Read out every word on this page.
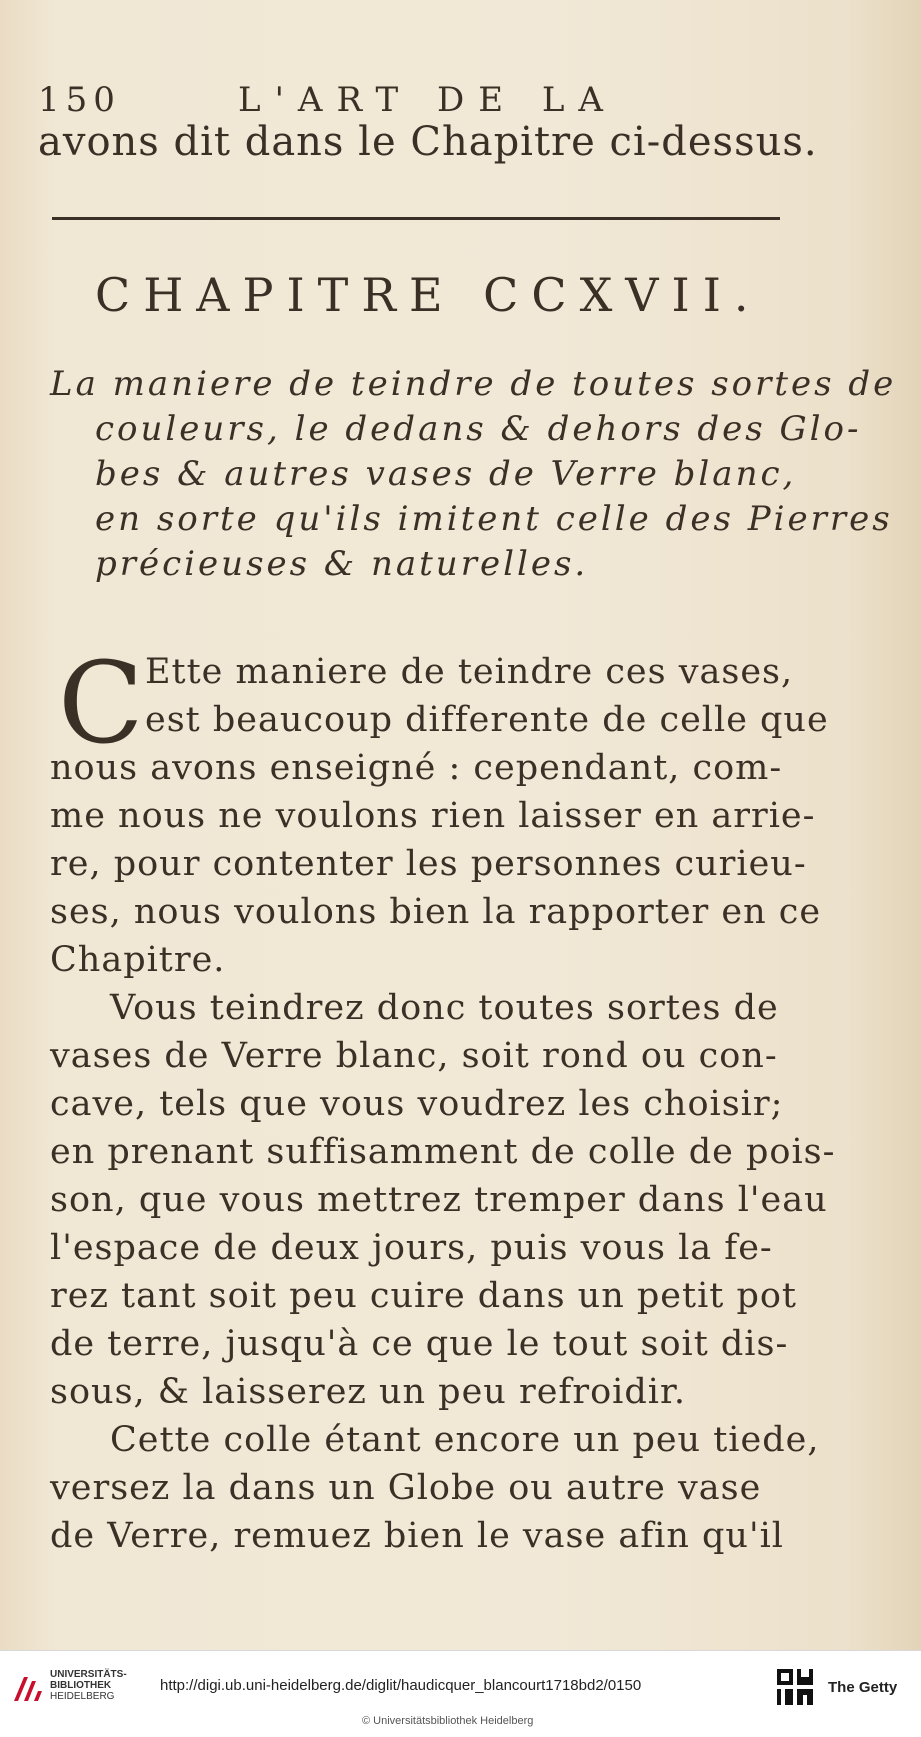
150	L'ART DE LA
avons dit dans le Chapitre ci-dessus.
CHAPITRE CCXVII.
La maniere de teindre de toutes sortes de
couleurs, le dedans & dehors des Glo-
bes & autres vases de Verre blanc,
en sorte qu'ils imitent celle des Pierres
précieuses & naturelles.
C Ette maniere de teindre ces vases,
est beaucoup differente de celle que
nous avons enseigné : cependant, com-
me nous ne voulons rien laisser en arrie-
re, pour contenter les personnes curieu-
ses, nous voulons bien la rapporter en ce
Chapitre.
Vous teindrez donc toutes sortes de
vases de Verre blanc, soit rond ou con-
cave, tels que vous voudrez les choisir;
en prenant suffisamment de colle de pois-
son, que vous mettrez tremper dans l'eau
l'espace de deux jours, puis vous la fe-
rez tant soit peu cuire dans un petit pot
de terre, jusqu'à ce que le tout soit dis-
sous, & laisserez un peu refroidir.
Cette colle étant encore un peu tiede,
versez la dans un Globe ou autre vase
de Verre, remuez bien le vase afin qu'il
UNIVERSITÄTS-
BIBLIOTHEK
HEIDELBERG
http://digi.ub.uni-heidelberg.de/diglit/haudicquer_blancourt1718bd2/0150
© Universitätsbibliothek Heidelberg
The Getty
